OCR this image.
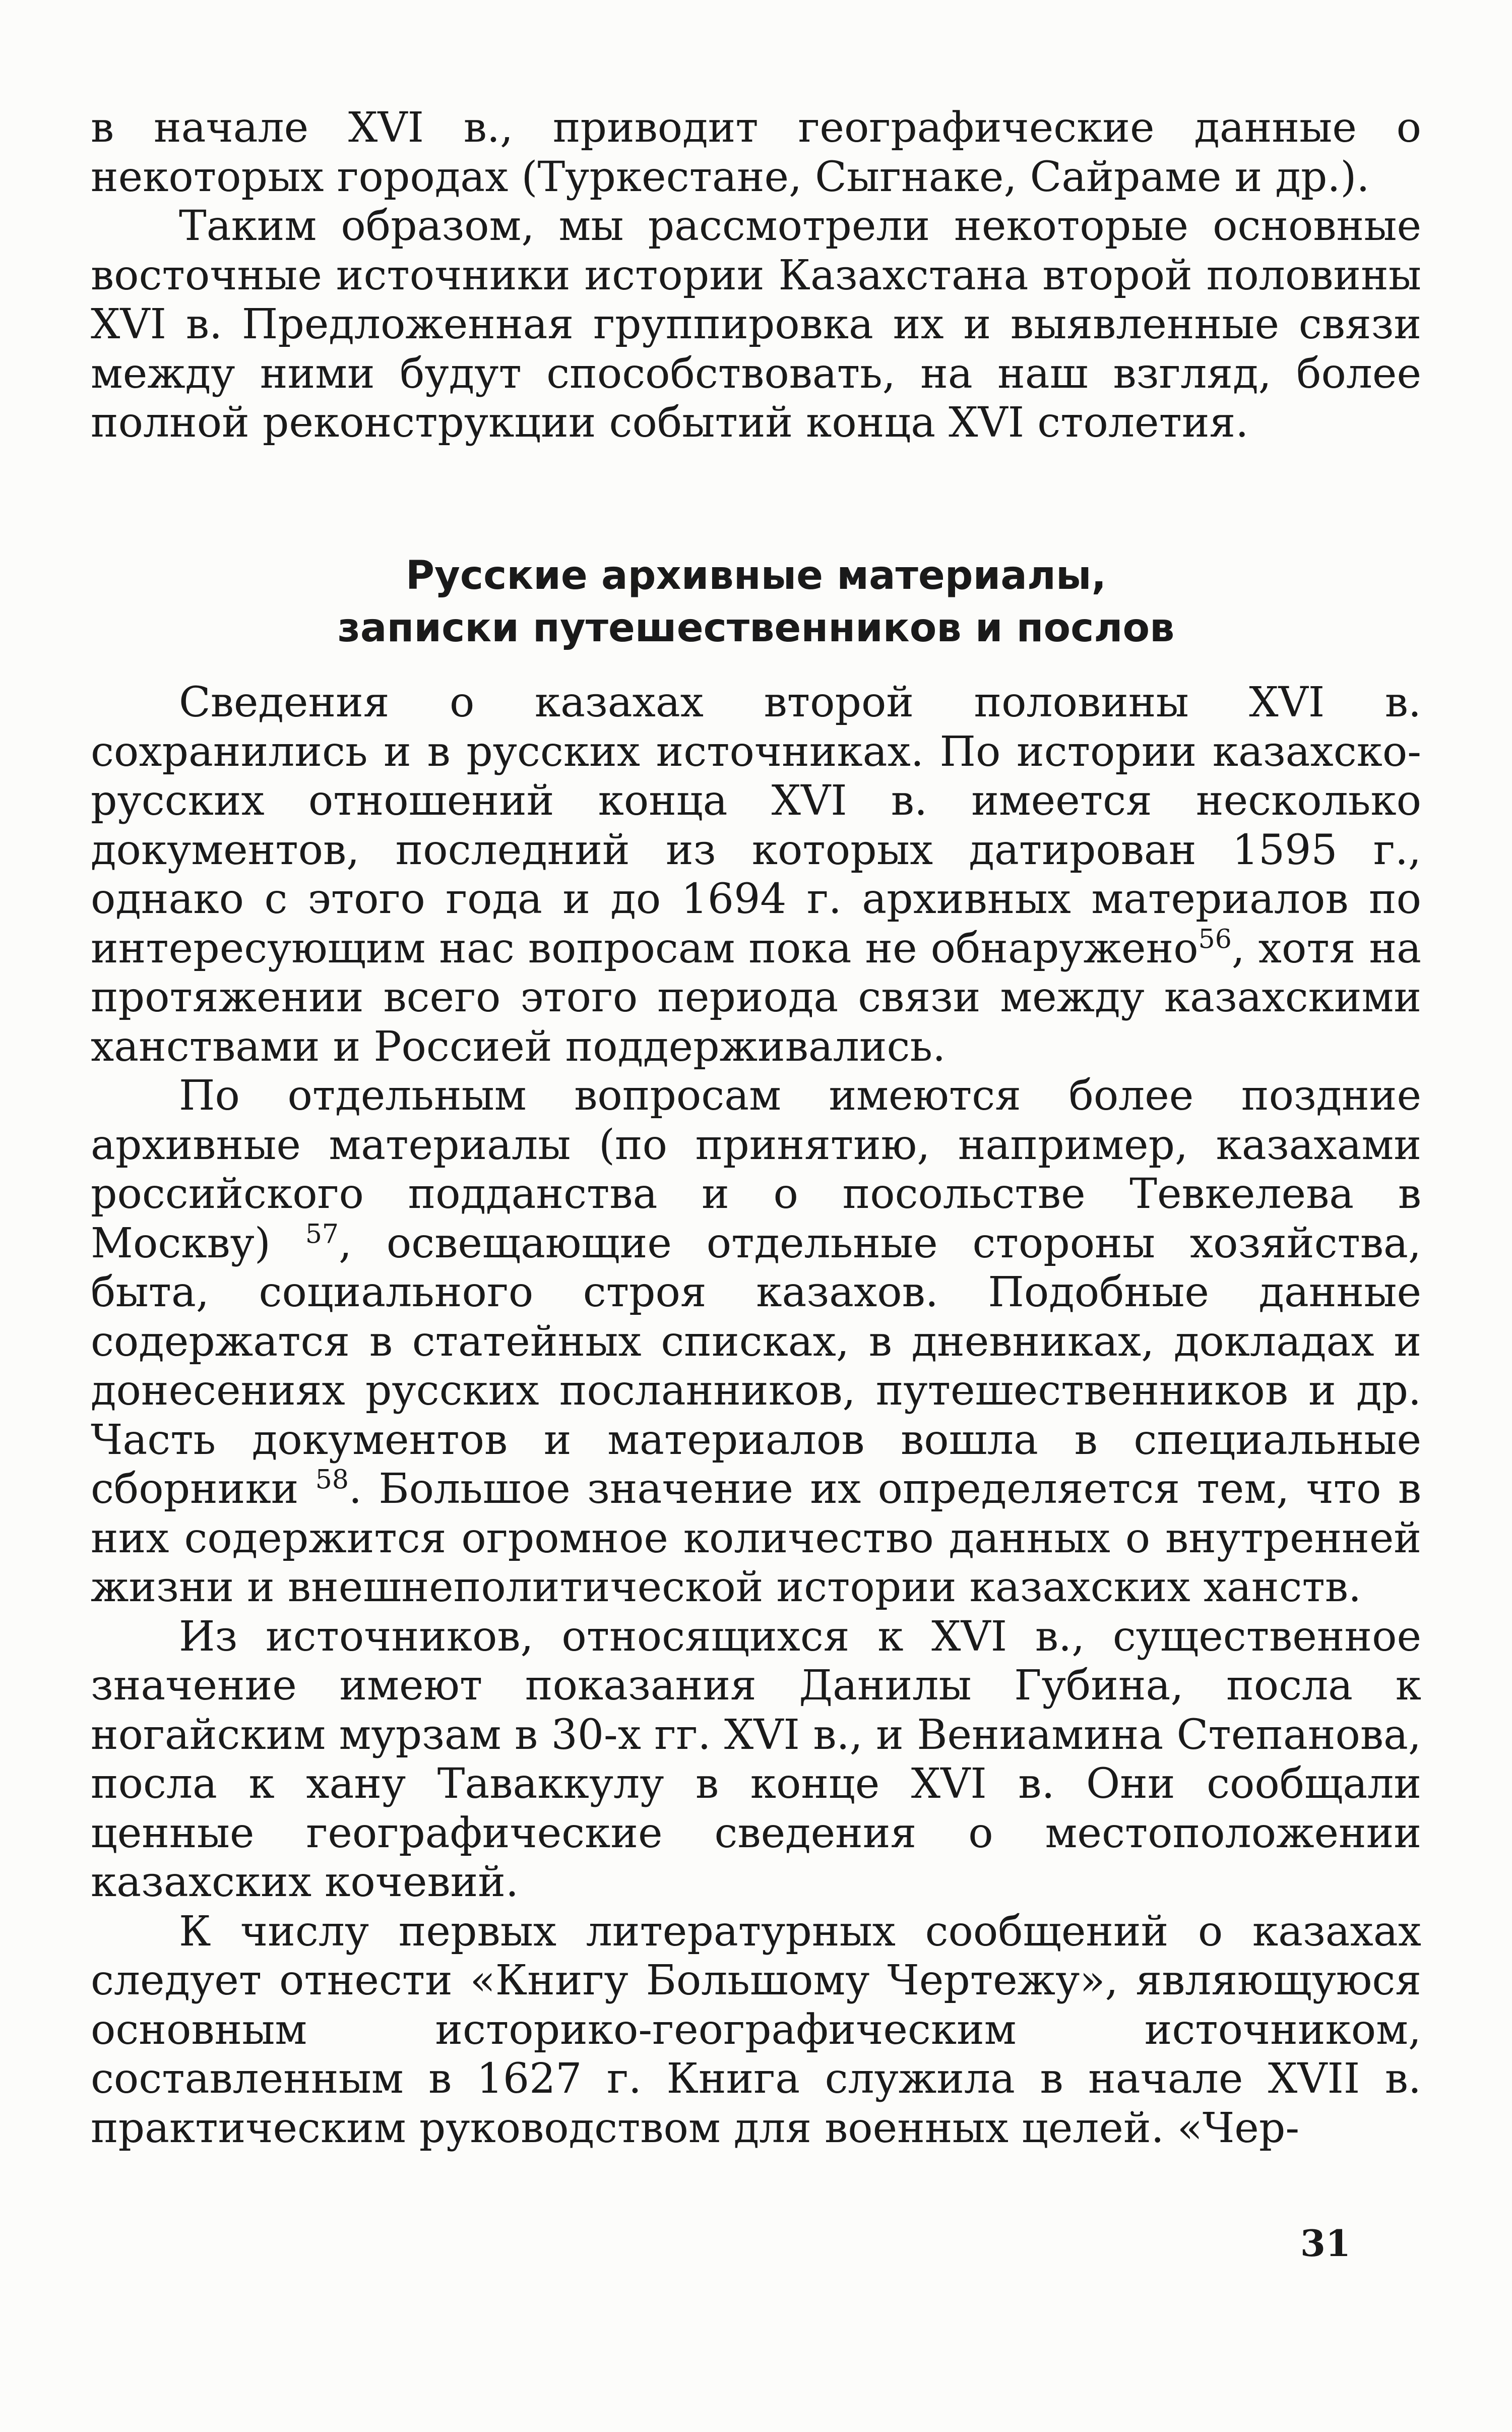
в начале XVI в., приводит географические данные о некоторых городах (Туркестане, Сыгнаке, Сайраме и др.).

Таким образом, мы рассмотрели некоторые основные восточные источники истории Казахстана второй половины XVI в. Предложенная группировка их и выявленные связи между ними будут способствовать, на наш взгляд, более полной реконструкции событий конца XVI столетия.

Русские архивные материалы,
записки путешественников и послов

Сведения о казахах второй половины XVI в. сохранились и в русских источниках. По истории казахско-русских отношений конца XVI в. имеется несколько документов, последний из которых датирован 1595 г., однако с этого года и до 1694 г. архивных материалов по интересующим нас вопросам пока не обнаружено$^{56}$, хотя на протяжении всего этого периода связи между казахскими ханствами и Россией поддерживались.

По отдельным вопросам имеются более поздние архивные материалы (по принятию, например, казахами российского подданства и о посольстве Тевкелева в Москву) $^{57}$, освещающие отдельные стороны хозяйства, быта, социального строя казахов. Подобные данные содержатся в статейных списках, в дневниках, докладах и донесениях русских посланников, путешественников и др. Часть документов и материалов вошла в специальные сборники $^{58}$. Большое значение их определяется тем, что в них содержится огромное количество данных о внутренней жизни и внешнеполитической истории казахских ханств.

Из источников, относящихся к XVI в., существенное значение имеют показания Данилы Губина, посла к ногайским мурзам в 30-х гг. XVI в., и Вениамина Степанова, посла к хану Таваккулу в конце XVI в. Они сообщали ценные географические сведения о местоположении казахских кочевий.

К числу первых литературных сообщений о казахах следует отнести «Книгу Большому Чертежу», являющуюся основным историко-географическим источником, составленным в 1627 г. Книга служила в начале XVII в. практическим руководством для военных целей. «Чер-

31
